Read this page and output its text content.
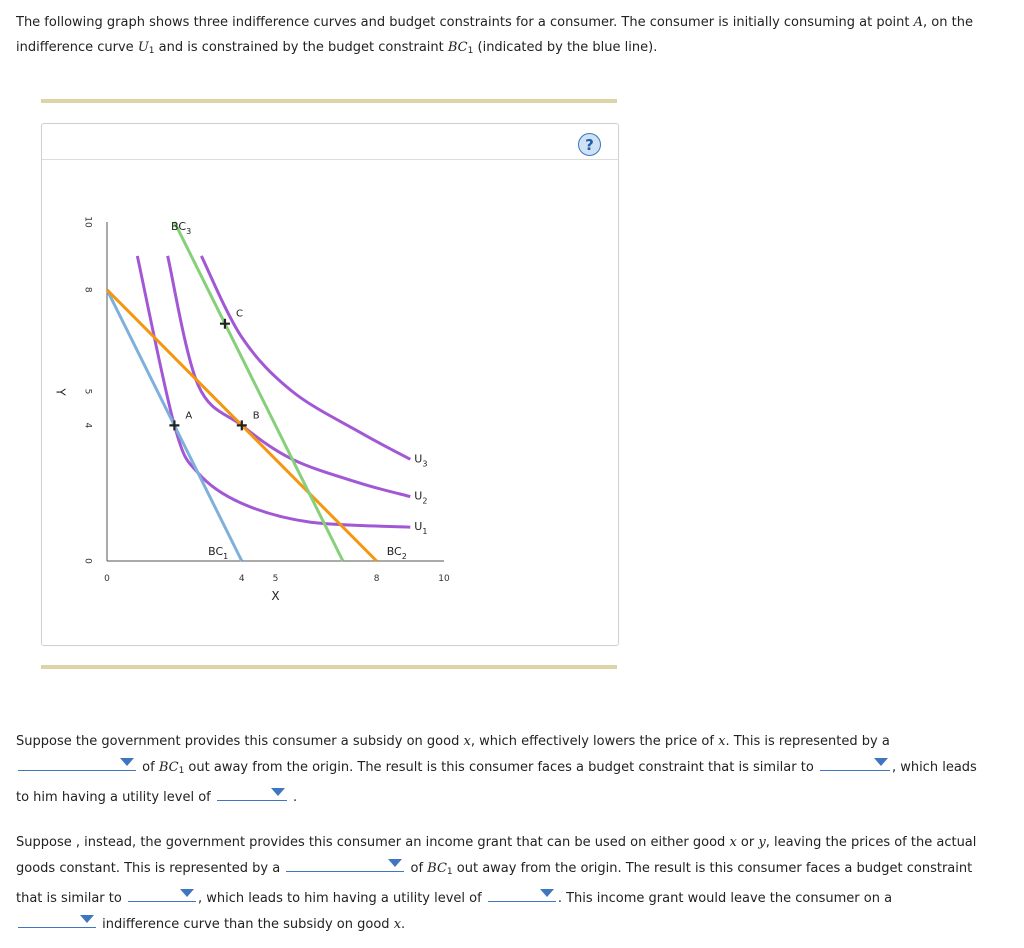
The following graph shows three indifference curves and budget constraints for a consumer. The consumer is initially consuming at point A, on the indifference curve $U_1$ and is constrained by the budget constraint $BC_1$ (indicated by the blue line).
?
0	4	5	8	10
0
4
5
8
10
X
Y
$U_1$
$U_2$
$U_3$
$BC_1$	$BC_2$
$BC_3$
A	B
C
Suppose the government provides this consumer a subsidy on good x, which effectively lowers the price of x. This is represented by a
of $BC_1$ out away from the origin. The result is this consumer faces a budget constraint that is similar to	, which leads
to him having a utility level of	.
Suppose , instead, the government provides this consumer an income grant that can be used on either good x or y, leaving the prices of the actual
goods constant. This is represented by a	of $BC_1$ out away from the origin. The result is this consumer faces a budget constraint
that is similar to	, which leads to him having a utility level of	. This income grant would leave the consumer on a
indifference curve than the subsidy on good x.
